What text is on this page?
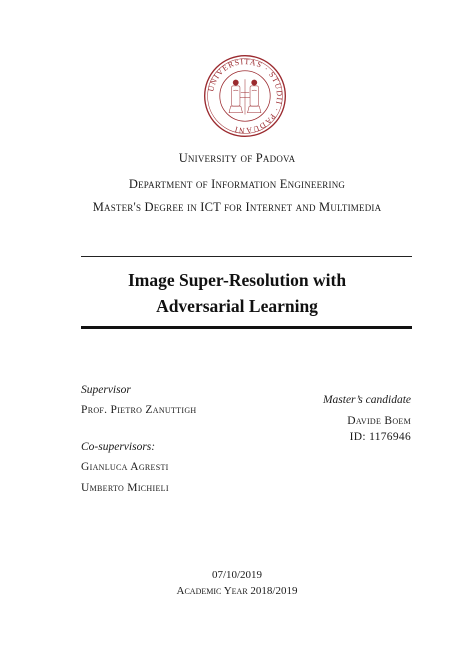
UNIVERSITAS · STUDII · PADUANI
University of Padova
Department of Information Engineering
Master's Degree in ICT for Internet and Multimedia
Image Super-Resolution with
Adversarial Learning
Supervisor
Prof. Pietro Zanuttigh
Co-supervisors:
Gianluca Agresti
Umberto Michieli
Master’s candidate
Davide Boem
ID: 1176946
07/10/2019
Academic Year 2018/2019
